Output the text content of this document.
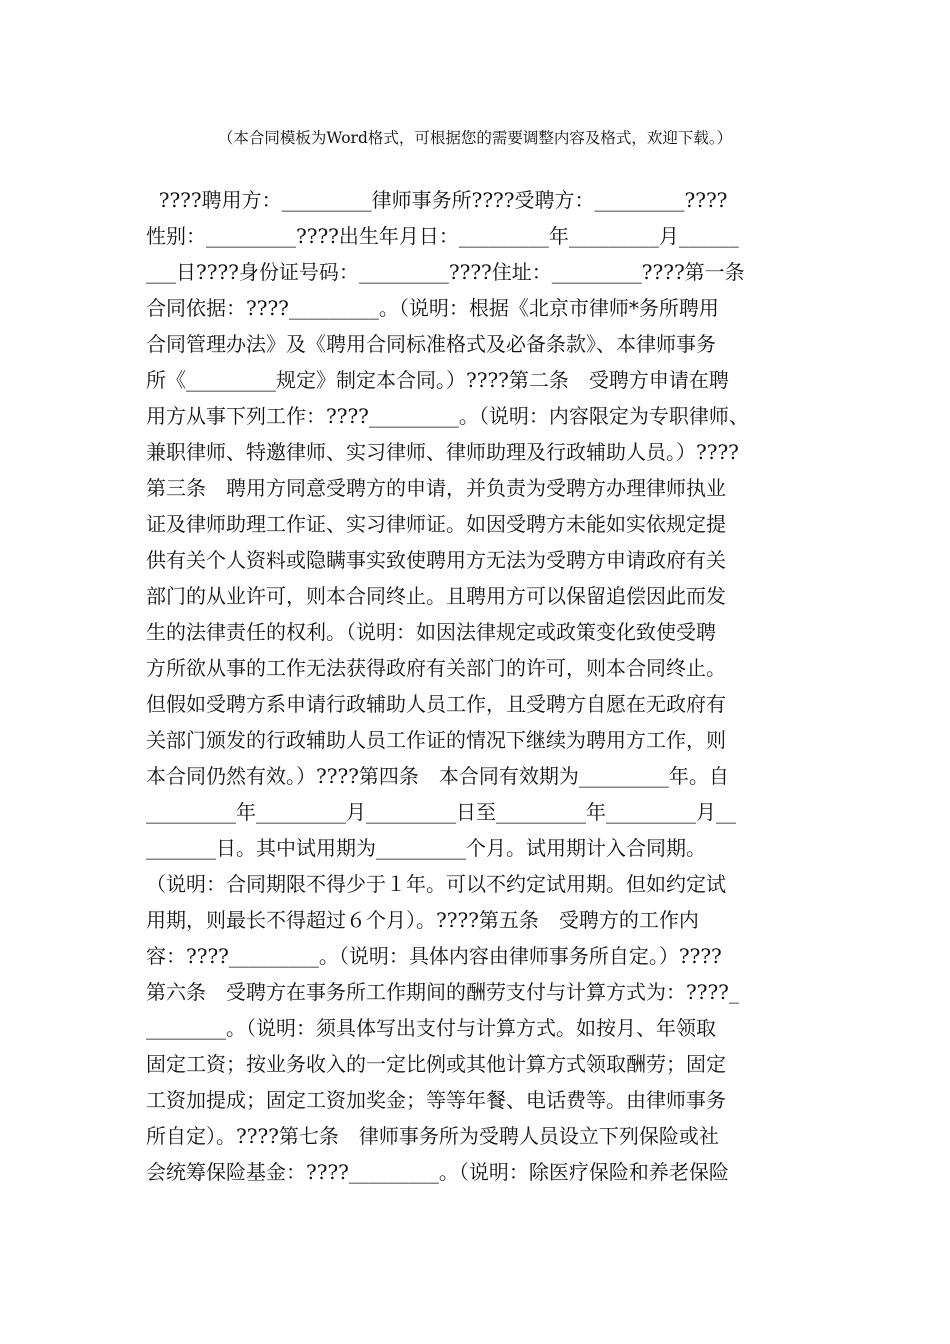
（本合同模板为Word格式，可根据您的需要调整内容及格式，欢迎下载。）
????聘用方：_________律师事务所????受聘方：_________????
性别：_________????出生年月日：_________年_________月______
___日????身份证号码：_________????住址：_________????第一条
合同依据：????_________。（说明：根据《北京市律师*务所聘用
合同管理办法》及《聘用合同标准格式及必备条款》、本律师事务
所《_________规定》制定本合同。）????第二条　受聘方申请在聘
用方从事下列工作：????_________。（说明：内容限定为专职律师、
兼职律师、特邀律师、实习律师、律师助理及行政辅助人员。）????
第三条　聘用方同意受聘方的申请，并负责为受聘方办理律师执业
证及律师助理工作证、实习律师证。如因受聘方未能如实依规定提
供有关个人资料或隐瞒事实致使聘用方无法为受聘方申请政府有关
部门的从业许可，则本合同终止。且聘用方可以保留追偿因此而发
生的法律责任的权利。（说明：如因法律规定或政策变化致使受聘
方所欲从事的工作无法获得政府有关部门的许可，则本合同终止。
但假如受聘方系申请行政辅助人员工作，且受聘方自愿在无政府有
关部门颁发的行政辅助人员工作证的情况下继续为聘用方工作，则
本合同仍然有效。）????第四条　本合同有效期为_________年。自
_________年_________月_________日至_________年_________月__
_______日。其中试用期为_________个月。试用期计入合同期。
（说明：合同期限不得少于１年。可以不约定试用期。但如约定试
用期，则最长不得超过６个月）。????第五条　受聘方的工作内
容：????_________。（说明：具体内容由律师事务所自定。）????
第六条　受聘方在事务所工作期间的酬劳支付与计算方式为：????_
________。（说明：须具体写出支付与计算方式。如按月、年领取
固定工资；按业务收入的一定比例或其他计算方式领取酬劳；固定
工资加提成；固定工资加奖金；等等年餐、电话费等。由律师事务
所自定）。????第七条　律师事务所为受聘人员设立下列保险或社
会统筹保险基金：????_________。（说明：除医疗保险和养老保险
